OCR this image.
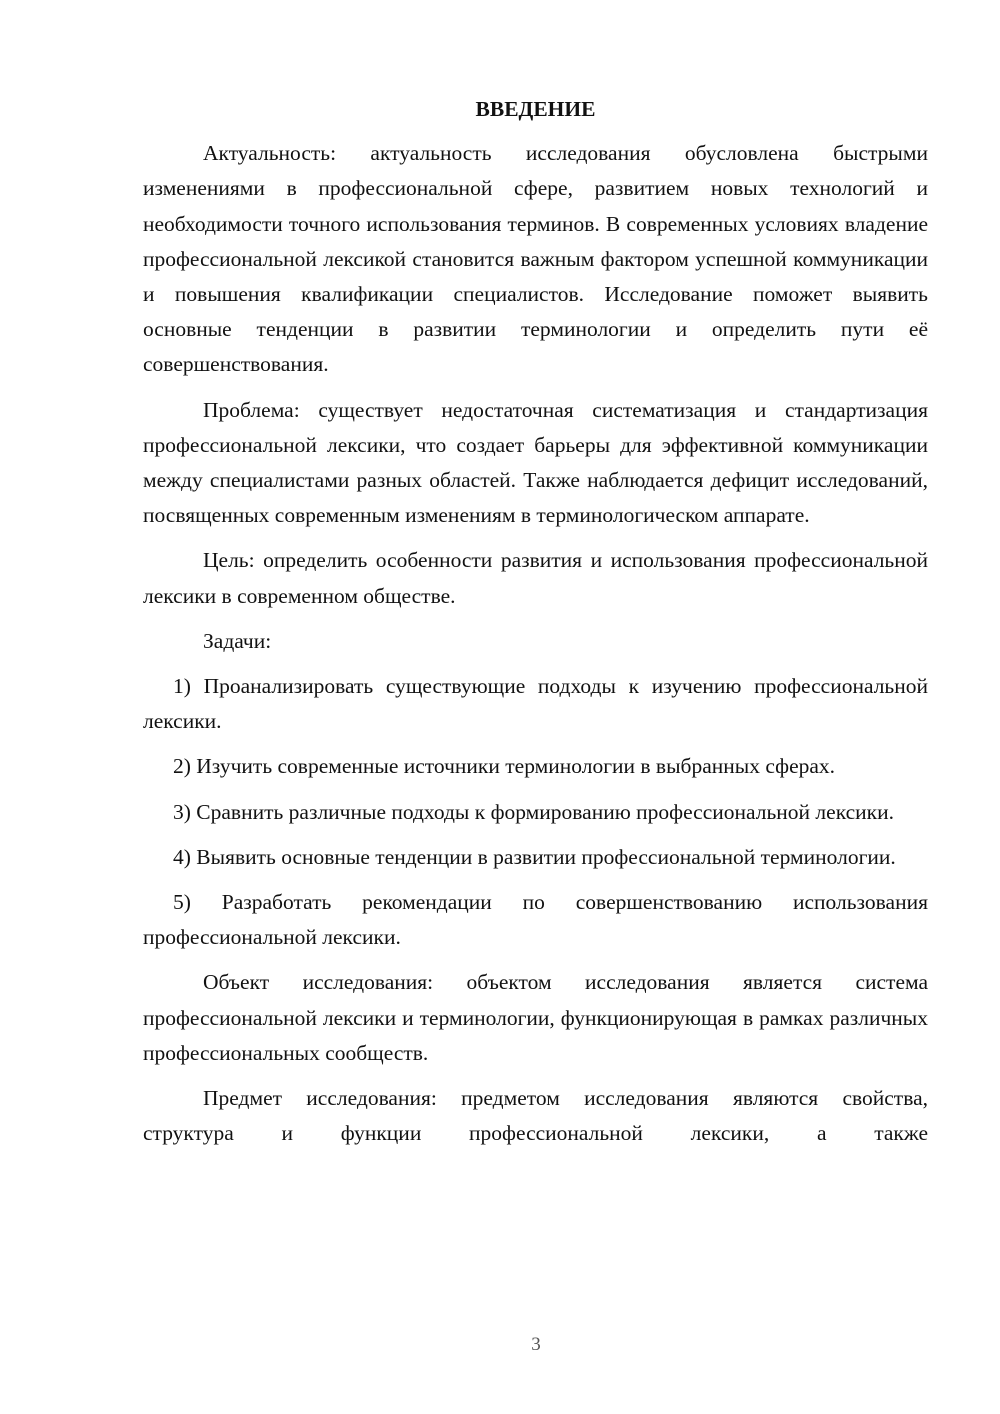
ВВЕДЕНИЕ

Актуальность: актуальность исследования обусловлена быстрыми изменениями в профессиональной сфере, развитием новых технологий и необходимости точного использования терминов. В современных условиях владение профессиональной лексикой становится важным фактором успешной коммуникации и повышения квалификации специалистов. Исследование поможет выявить основные тенденции в развитии терминологии и определить пути её совершенствования.

Проблема: существует недостаточная систематизация и стандартизация профессиональной лексики, что создает барьеры для эффективной коммуникации между специалистами разных областей. Также наблюдается дефицит исследований, посвященных современным изменениям в терминологическом аппарате.

Цель: определить особенности развития и использования профессиональной лексики в современном обществе.

Задачи:

1) Проанализировать существующие подходы к изучению профессиональной лексики.

2) Изучить современные источники терминологии в выбранных сферах.

3) Сравнить различные подходы к формированию профессиональной лексики.

4) Выявить основные тенденции в развитии профессиональной терминологии.

5) Разработать рекомендации по совершенствованию использования профессиональной лексики.

Объект исследования: объектом исследования является система профессиональной лексики и терминологии, функционирующая в рамках различных профессиональных сообществ.

Предмет исследования: предметом исследования являются свойства, структура и функции профессиональной лексики, а также

3
